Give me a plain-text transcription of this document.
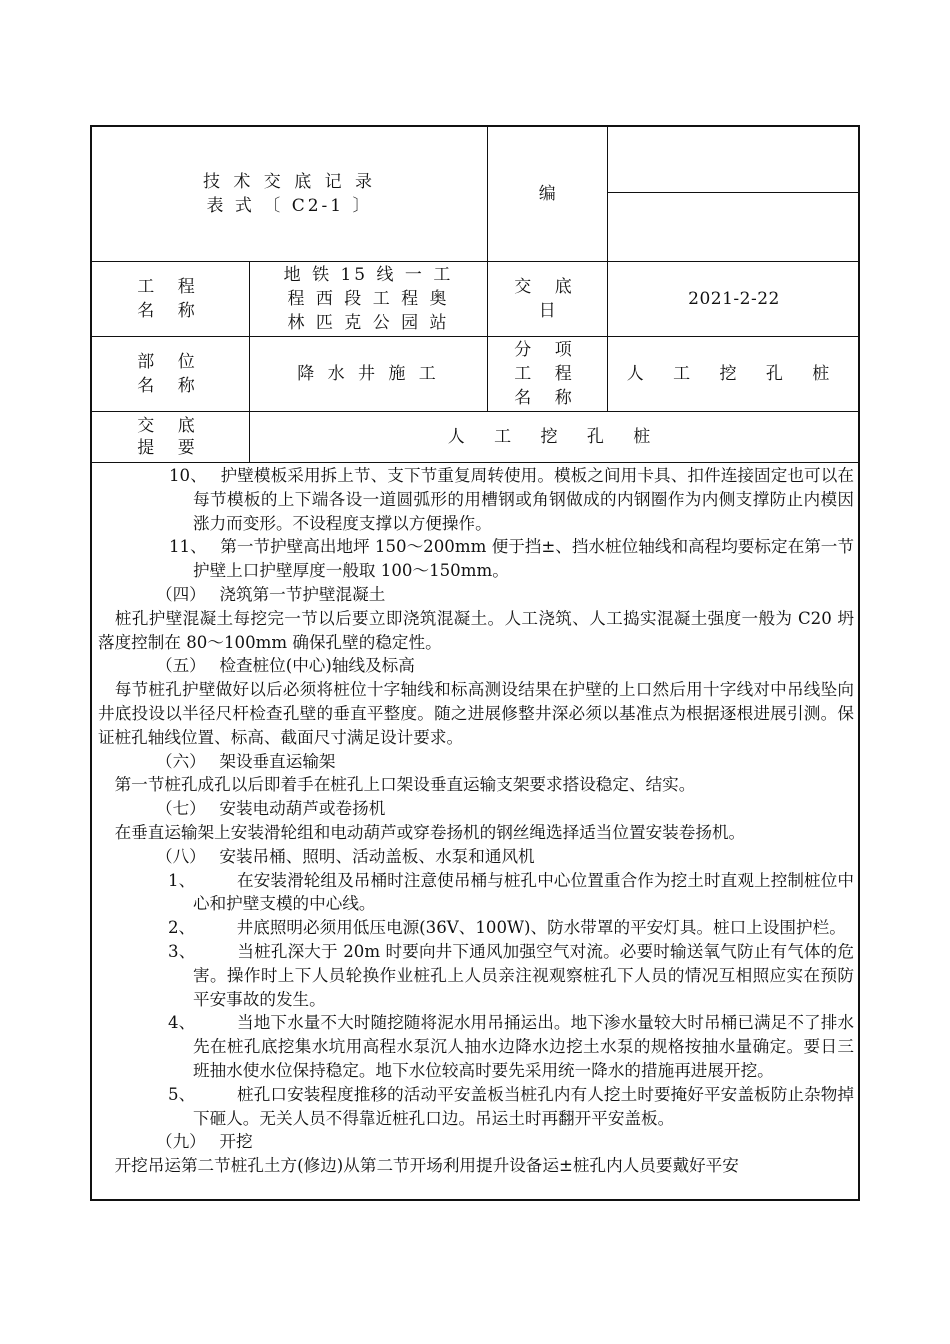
技 术 交 底 记 录
表 式 〔 C2-1 〕
编
工 程
名 称
地 铁 15 线 一 工
程 西 段 工 程 奥
林 匹 克 公 园 站
交 底
日
2021-2-22
部 位
名 称
降 水 井 施 工
分 项
工 程
名 称
人 工 挖 孔 桩
交 底
提 要
人 工 挖 孔 桩

10、　 护壁模板采用拆上节、支下节重复周转使用。模板之间用卡具、扣件连接固定也可以在每节模板的上下端各设一道圆弧形的用槽钢或角钢做成的内钢圈作为内侧支撑防止内模因涨力而变形。不设程度支撑以方便操作。

11、　 第一节护壁高出地坪 150～200mm 便于挡±、挡水桩位轴线和高程均要标定在第一节护壁上口护壁厚度一般取 100～150mm。

（四）　 浇筑第一节护壁混凝土

　桩孔护壁混凝土每挖完一节以后要立即浇筑混凝土。人工浇筑、人工捣实混凝土强度一般为 C20 坍落度控制在 80～100mm 确保孔壁的稳定性。

（五）　 检查桩位(中心)轴线及标高

　每节桩孔护壁做好以后必须将桩位十字轴线和标高测设结果在护壁的上口然后用十字线对中吊线坠向井底投设以半径尺杆检查孔壁的垂直平整度。随之进展修整井深必须以基准点为根据逐根进展引测。保证桩孔轴线位置、标高、截面尺寸满足设计要求。

（六）　 架设垂直运输架

　第一节桩孔成孔以后即着手在桩孔上口架设垂直运输支架要求搭设稳定、结实。

（七）　 安装电动葫芦或卷扬机

　在垂直运输架上安装滑轮组和电动葫芦或穿卷扬机的钢丝绳选择适当位置安装卷扬机。

（八）　 安装吊桶、照明、活动盖板、水泵和通风机

1、　　　在安装滑轮组及吊桶时注意使吊桶与桩孔中心位置重合作为挖土时直观上控制桩位中心和护壁支模的中心线。

2、　　　井底照明必须用低压电源(36V、100W)、防水带罩的平安灯具。桩口上设围护栏。

3、　　　当桩孔深大于 20m 时要向井下通风加强空气对流。必要时输送氧气防止有气体的危害。操作时上下人员轮换作业桩孔上人员亲注视观察桩孔下人员的情况互相照应实在预防平安事故的发生。

4、　　　当地下水量不大时随挖随将泥水用吊捅运出。地下渗水量较大时吊桶已满足不了排水先在桩孔底挖集水坑用高程水泵沉人抽水边降水边挖土水泵的规格按抽水量确定。要日三班抽水使水位保持稳定。地下水位较高时要先采用统一降水的措施再进展开挖。

5、　　　桩孔口安装程度推移的活动平安盖板当桩孔内有人挖土时要掩好平安盖板防止杂物掉下砸人。无关人员不得靠近桩孔口边。吊运土时再翻开平安盖板。

（九）　 开挖

　开挖吊运第二节桩孔土方(修边)从第二节开场利用提升设备运±桩孔内人员要戴好平安
